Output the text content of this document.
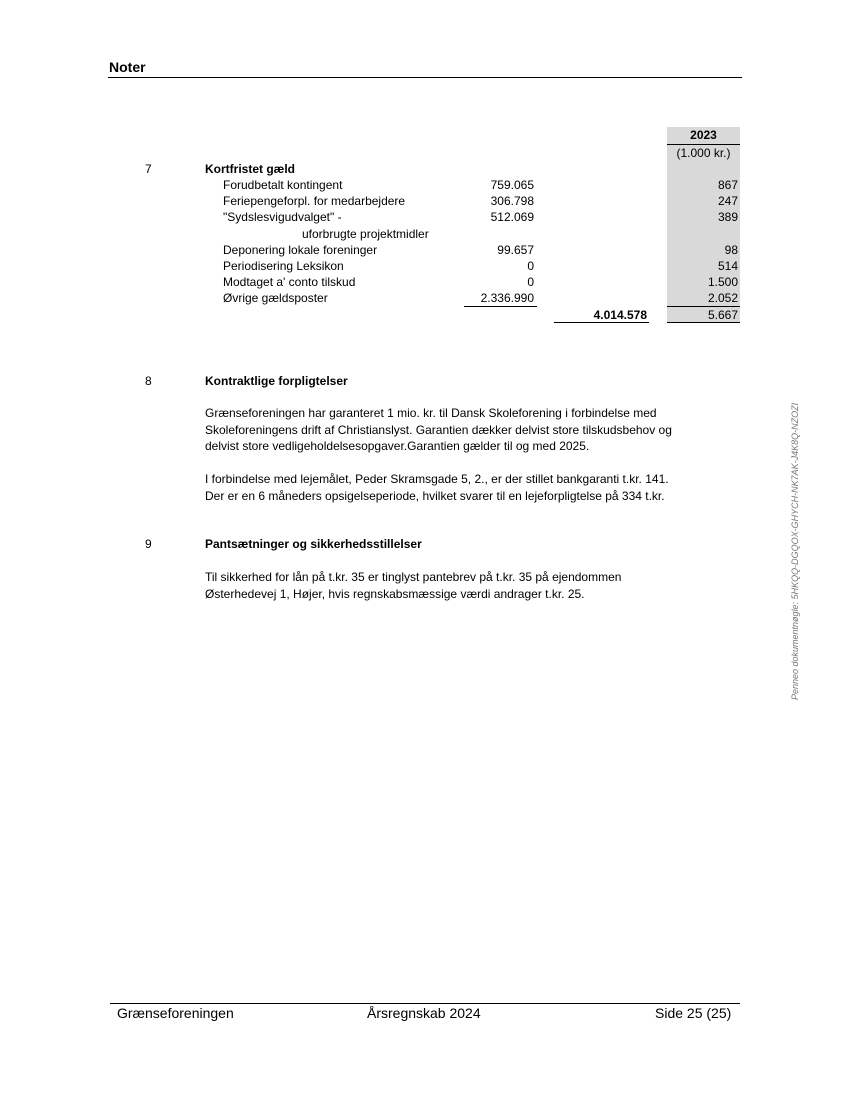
Noter
2023
(1.000 kr.)
7	Kortfristet gæld
Forudbetalt kontingent	759.065	867
Feriepengeforpl. for medarbejdere	306.798	247
"Sydslesvigudvalget" -
uforbrugte projektmidler
512.069	389
Deponering lokale foreninger	99.657	98
Periodisering Leksikon	0	514
Modtaget a' conto tilskud	0	1.500
Øvrige gældsposter	2.336.990	2.052
4.014.578	5.667
8	Kontraktlige forpligtelser
Grænseforeningen har garanteret 1 mio. kr. til Dansk Skoleforening i forbindelse med
Skoleforeningens drift af Christianslyst. Garantien dækker delvist store tilskudsbehov og
delvist store vedligeholdelsesopgaver.Garantien gælder til og med 2025.
I forbindelse med lejemålet, Peder Skramsgade 5, 2., er der stillet bankgaranti t.kr. 141.
Der er en 6 måneders opsigelseperiode, hvilket svarer til en lejeforpligtelse på 334 t.kr.
9	Pantsætninger og sikkerhedsstillelser
Til sikkerhed for lån på t.kr. 35 er tinglyst pantebrev på t.kr. 35 på ejendommen
Østerhedevej 1, Højer, hvis regnskabsmæssige værdi andrager t.kr. 25.	Penneo dokumentnøgle: 5HKQQ-DGQOX-GHYCH-NK7AK-J4K8Q-NZOZI
Grænseforeningen	Årsregnskab 2024	Side 25 (25)
